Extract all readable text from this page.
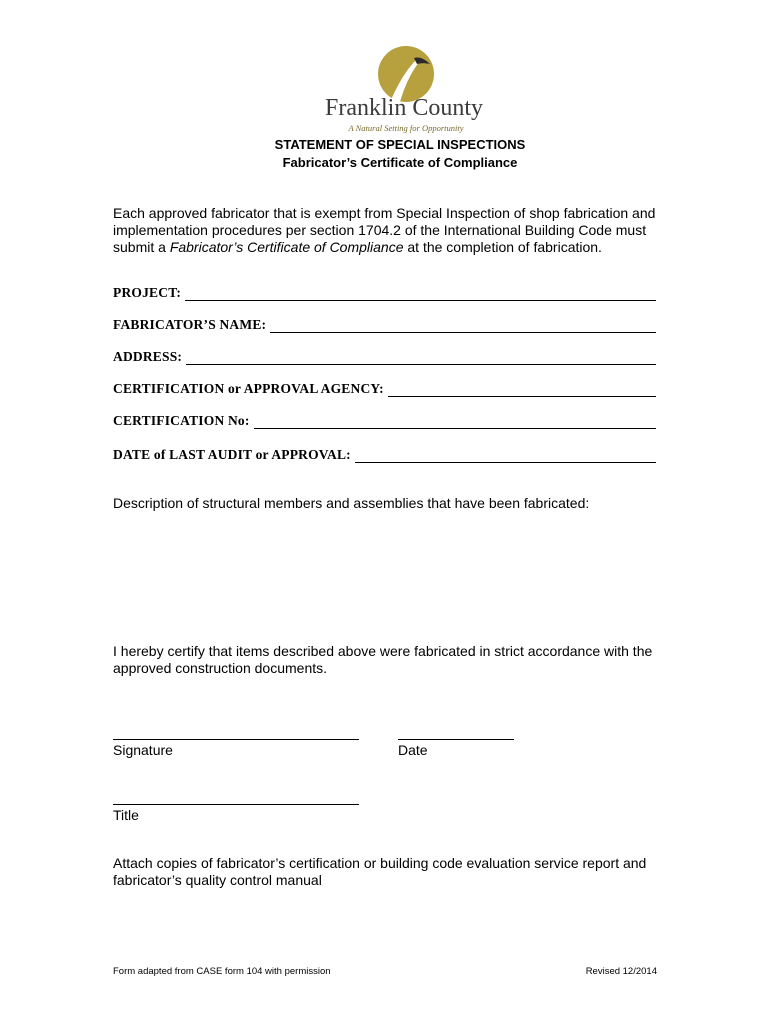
Franklin County
A Natural Setting for Opportunity
STATEMENT OF SPECIAL INSPECTIONS
Fabricator’s Certificate of Compliance
Each approved fabricator that is exempt from Special Inspection of shop fabrication and implementation procedures per section 1704.2 of the International Building Code must submit a Fabricator’s Certificate of Compliance at the completion of fabrication.
PROJECT:
FABRICATOR’S NAME:
ADDRESS:
CERTIFICATION or APPROVAL AGENCY:
CERTIFICATION No:
DATE of LAST AUDIT or APPROVAL:
Description of structural members and assemblies that have been fabricated:
I hereby certify that items described above were fabricated in strict accordance with the approved construction documents.
Signature	Date
Title
Attach copies of fabricator’s certification or building code evaluation service report and fabricator’s quality control manual
Form adapted from CASE form 104 with permission	Revised 12/2014
